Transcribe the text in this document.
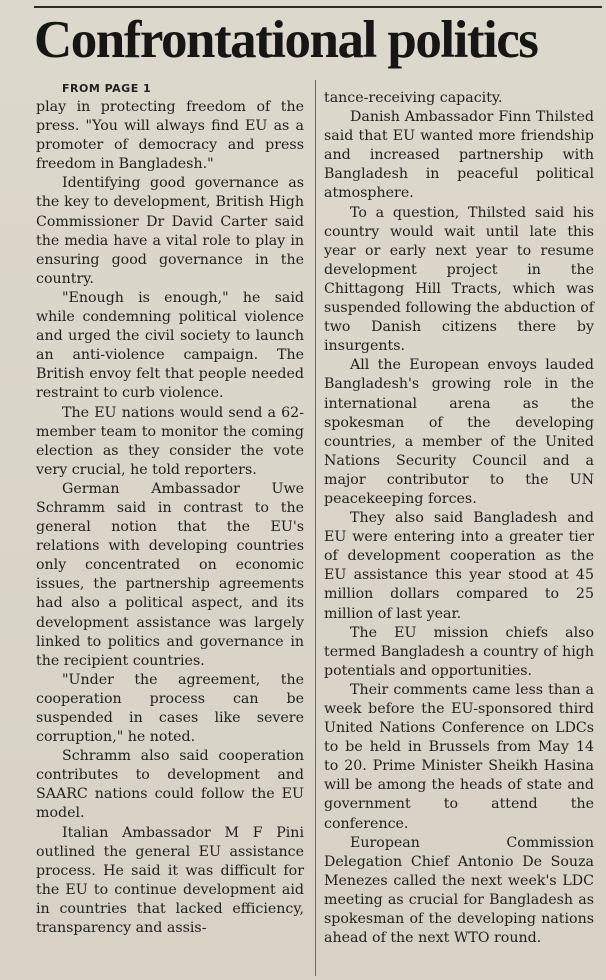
Confrontational politics

FROM PAGE 1

play in protecting freedom of the press. "You will always find EU as a promoter of democracy and press freedom in Bangladesh."

Identifying good governance as the key to development, British High Commissioner Dr David Carter said the media have a vital role to play in ensuring good governance in the country.

"Enough is enough," he said while condemning political violence and urged the civil society to launch an anti-violence campaign. The British envoy felt that people needed restraint to curb violence.

The EU nations would send a 62-member team to monitor the coming election as they consider the vote very crucial, he told reporters.

German Ambassador Uwe Schramm said in contrast to the general notion that the EU's relations with developing countries only concentrated on economic issues, the partnership agreements had also a political aspect, and its development assistance was largely linked to politics and governance in the recipient countries.

"Under the agreement, the cooperation process can be suspended in cases like severe corruption," he noted.

Schramm also said cooperation contributes to development and SAARC nations could follow the EU model.

Italian Ambassador M F Pini outlined the general EU assistance process. He said it was difficult for the EU to continue development aid in countries that lacked efficiency, transparency and assis-

tance-receiving capacity.

Danish Ambassador Finn Thilsted said that EU wanted more friendship and increased partnership with Bangladesh in peaceful political atmosphere.

To a question, Thilsted said his country would wait until late this year or early next year to resume development project in the Chittagong Hill Tracts, which was suspended following the abduction of two Danish citizens there by insurgents.

All the European envoys lauded Bangladesh's growing role in the international arena as the spokesman of the developing countries, a member of the United Nations Security Council and a major contributor to the UN peacekeeping forces.

They also said Bangladesh and EU were entering into a greater tier of development cooperation as the EU assistance this year stood at 45 million dollars compared to 25 million of last year.

The EU mission chiefs also termed Bangladesh a country of high potentials and opportunities.

Their comments came less than a week before the EU-sponsored third United Nations Conference on LDCs to be held in Brussels from May 14 to 20. Prime Minister Sheikh Hasina will be among the heads of state and government to attend the conference.

European Commission Delegation Chief Antonio De Souza Menezes called the next week's LDC meeting as crucial for Bangladesh as spokesman of the developing nations ahead of the next WTO round.
